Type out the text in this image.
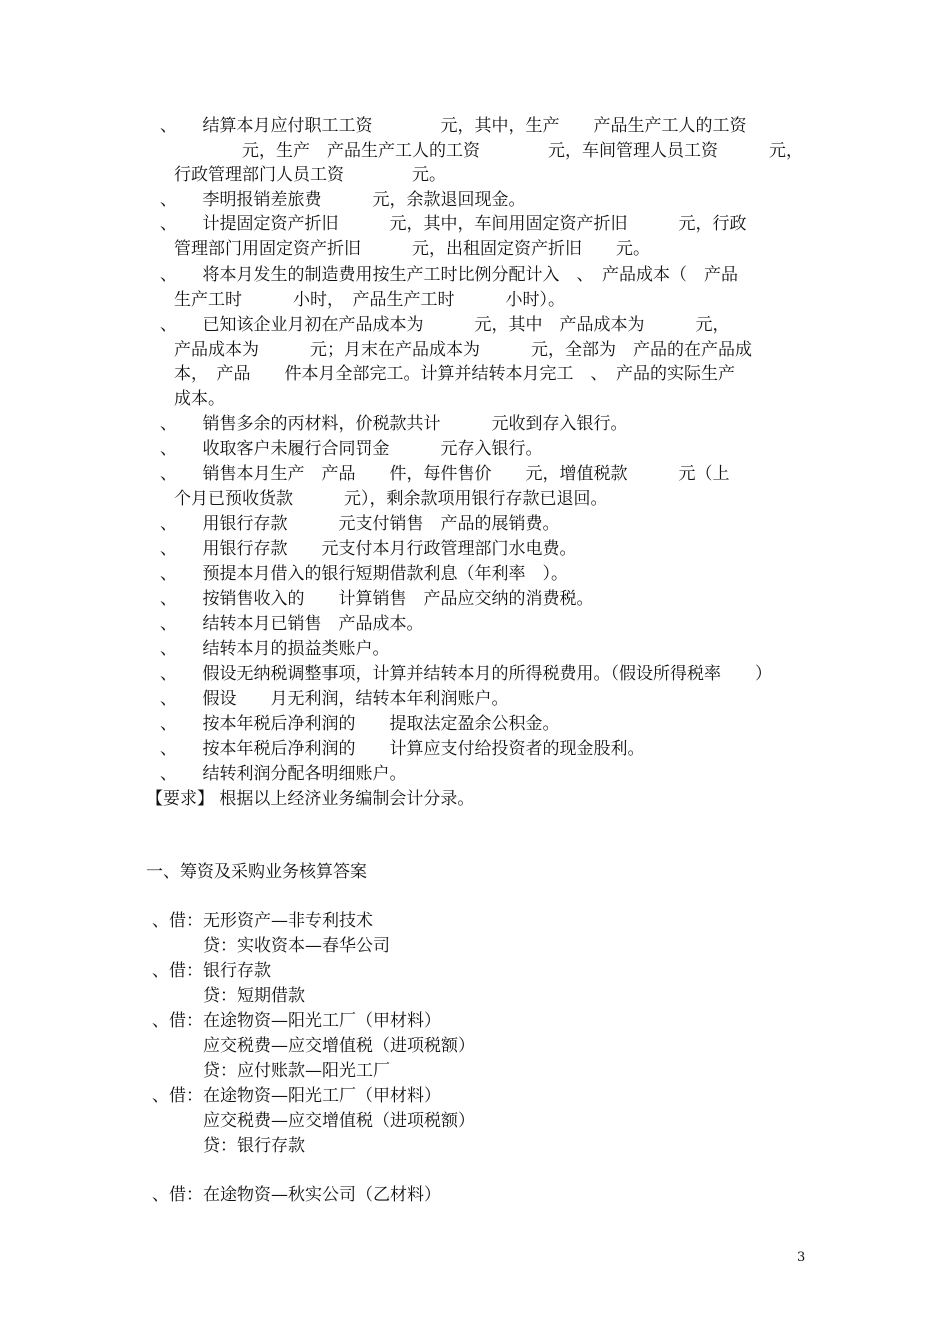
、　　结算本月应付职工工资　　　　元，其中，生产　　产品生产工人的工资
　　　　元，生产　产品生产工人的工资　　　　元，车间管理人员工资　　　元，
行政管理部门人员工资　　　　元。
、　　李明报销差旅费　　　元，余款退回现金。
、　　计提固定资产折旧　　　元，其中，车间用固定资产折旧　　　元，行政
管理部门用固定资产折旧　　　元，出租固定资产折旧　　元。
、　　将本月发生的制造费用按生产工时比例分配计入　、　产品成本（　产品
生产工时　　　小时，　产品生产工时　　　小时）。
、　　已知该企业月初在产品成本为　　　元，其中　产品成本为　　　元，
产品成本为　　　元；月末在产品成本为　　　元，全部为　产品的在产品成
本，　产品　　件本月全部完工。计算并结转本月完工　、　产品的实际生产
成本。
、　　销售多余的丙材料，价税款共计　　　元收到存入银行。
、　　收取客户未履行合同罚金　　　元存入银行。
、　　销售本月生产　产品　　件，每件售价　　元，增值税款　　　元（上
个月已预收货款　　　元），剩余款项用银行存款已退回。
、　　用银行存款　　　元支付销售　产品的展销费。
、　　用银行存款　　元支付本月行政管理部门水电费。
、　　预提本月借入的银行短期借款利息（年利率　）。
、　　按销售收入的　　计算销售　产品应交纳的消费税。
、　　结转本月已销售　产品成本。
、　　结转本月的损益类账户。
、　　假设无纳税调整事项，计算并结转本月的所得税费用。（假设所得税率　　）
、　　假设　　月无利润，结转本年利润账户。
、　　按本年税后净利润的　　提取法定盈余公积金。
、　　按本年税后净利润的　　计算应支付给投资者的现金股利。
、　　结转利润分配各明细账户。
【要求】 根据以上经济业务编制会计分录。
一、筹资及采购业务核算答案
、借：无形资产—非专利技术
　　　贷：实收资本—春华公司
、借：银行存款
　　　贷：短期借款
、借：在途物资—阳光工厂（甲材料）
　　　应交税费—应交增值税（进项税额）
　　　贷：应付账款—阳光工厂
、借：在途物资—阳光工厂（甲材料）
　　　应交税费—应交增值税（进项税额）
　　　贷：银行存款
、借：在途物资—秋实公司（乙材料）
3
